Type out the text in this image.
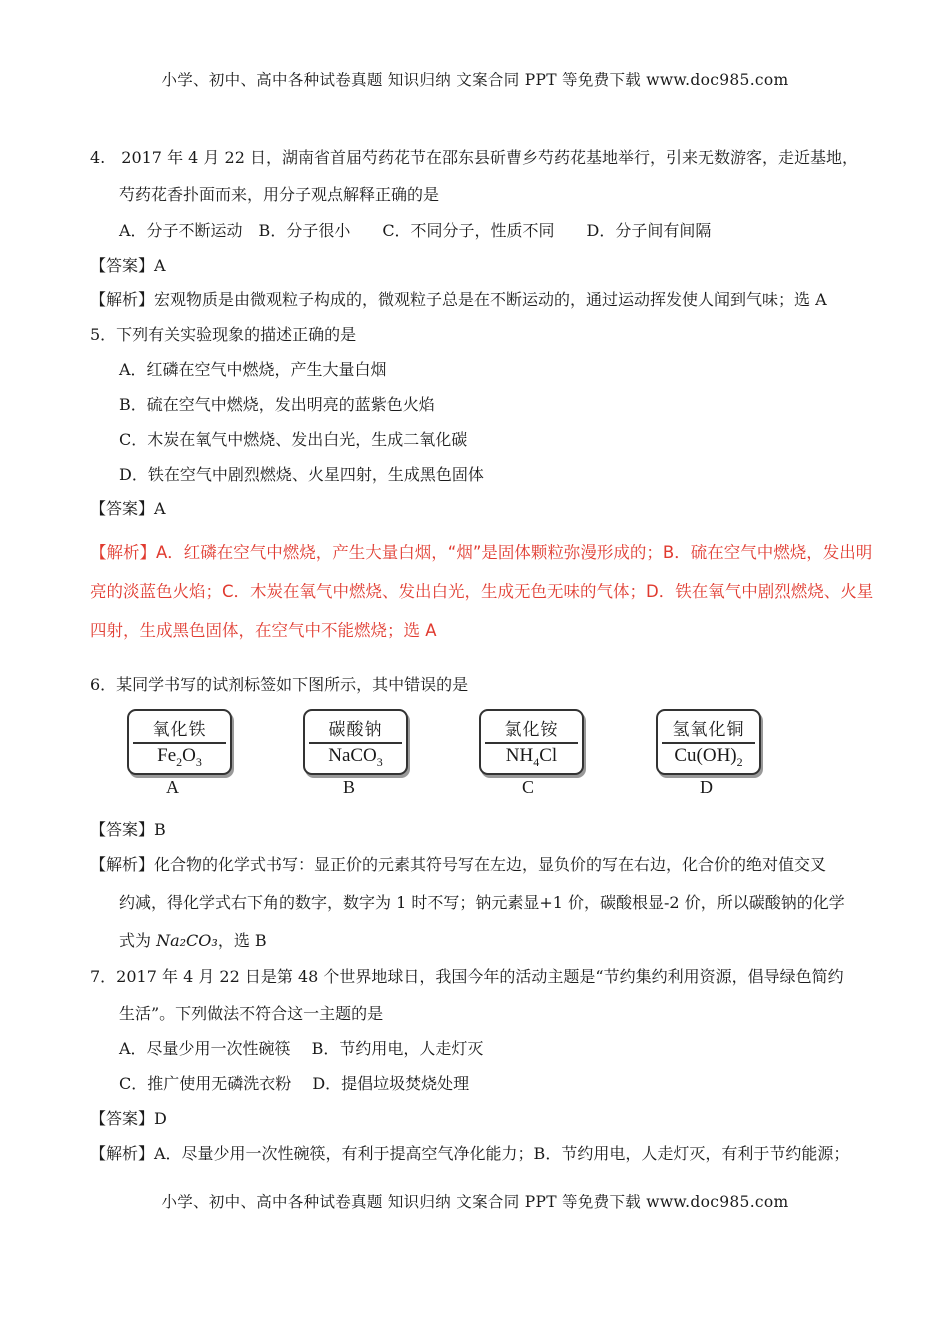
小学、初中、高中各种试卷真题 知识归纳 文案合同 PPT 等免费下载 www.doc985.com
4.　2017 年 4 月 22 日，湖南省首届芍药花节在邵东县斫曹乡芍药花基地举行，引来无数游客，走近基地，
芍药花香扑面而来，用分子观点解释正确的是
A．分子不断运动　B．分子很小　　C．不同分子，性质不同　　D．分子间有间隔
【答案】A
【解析】宏观物质是由微观粒子构成的，微观粒子总是在不断运动的，通过运动挥发使人闻到气味；选 A
5．下列有关实验现象的描述正确的是
A．红磷在空气中燃烧，产生大量白烟
B．硫在空气中燃烧，发出明亮的蓝紫色火焰
C．木炭在氧气中燃烧、发出白光，生成二氧化碳
D．铁在空气中剧烈燃烧、火星四射，生成黑色固体
【答案】A
【解析】A．红磷在空气中燃烧，产生大量白烟，“烟”是固体颗粒弥漫形成的；B．硫在空气中燃烧，发出明亮的淡蓝色火焰；C．木炭在氧气中燃烧、发出白光，生成无色无味的气体；D．铁在氧气中剧烈燃烧、火星四射，生成黑色固体，在空气中不能燃烧；选 A
6．某同学书写的试剂标签如下图所示，其中错误的是
氧化铁
$Fe_2O_3$
A
碳酸钠
NaCO$_3$
B
氯化铵
$NH_4Cl$
C
氢氧化铜
$Cu(OH)_2$
D
【答案】B
【解析】化合物的化学式书写：显正价的元素其符号写在左边，显负价的写在右边，化合价的绝对值交叉
约减，得化学式右下角的数字，数字为 1 时不写；钠元素显+1 价，碳酸根显-2 价，所以碳酸钠的化学
式为 Na₂CO₃，选 B
7．2017 年 4 月 22 日是第 48 个世界地球日，我国今年的活动主题是“节约集约利用资源，倡导绿色简约
生活”。下列做法不符合这一主题的是
A．尽量少用一次性碗筷　 B．节约用电，人走灯灭
C．推广使用无磷洗衣粉　 D．提倡垃圾焚烧处理
【答案】D
【解析】A．尽量少用一次性碗筷，有利于提高空气净化能力；B．节约用电，人走灯灭，有利于节约能源；
小学、初中、高中各种试卷真题 知识归纳 文案合同 PPT 等免费下载 www.doc985.com
